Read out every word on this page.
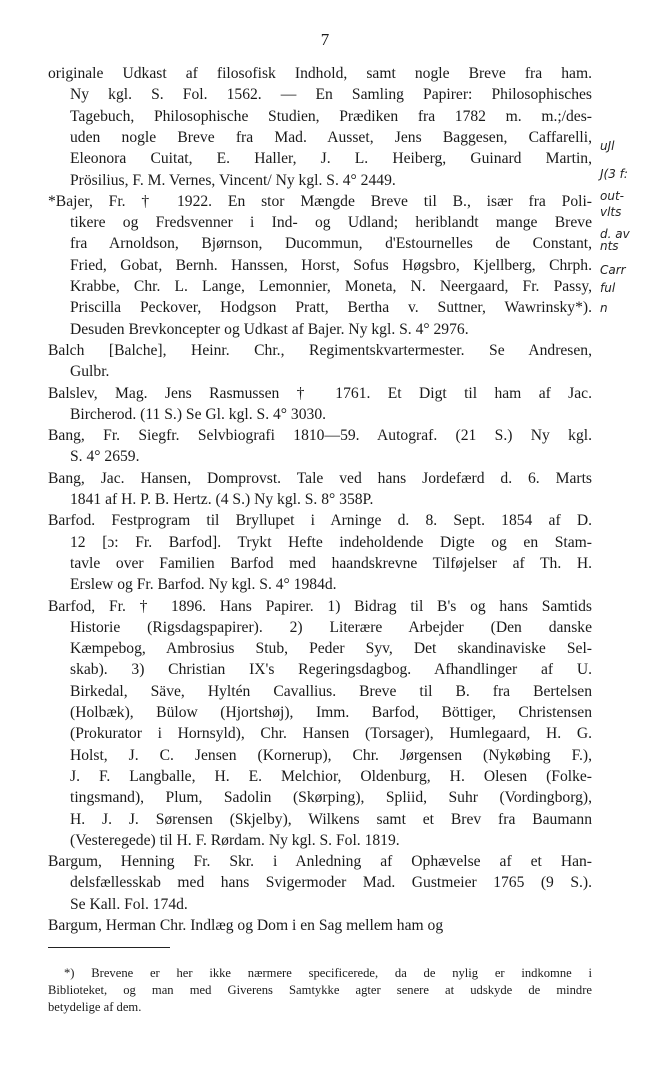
7
originale Udkast af filosofisk Indhold, samt nogle Breve fra ham.
Ny kgl. S. Fol. 1562. — En Samling Papirer: Philosophisches
Tagebuch, Philosophische Studien, Prædiken fra 1782 m. m.;/des-
uden nogle Breve fra Mad. Ausset, Jens Baggesen, Caffarelli,
Eleonora Cuitat, E. Haller, J. L. Heiberg, Guinard Martin,
Prösilius, F. M. Vernes, Vincent/ Ny kgl. S. 4° 2449.
*Bajer, Fr. † 1922. En stor Mængde Breve til B., især fra Poli-
tikere og Fredsvenner i Ind- og Udland; heriblandt mange Breve
fra Arnoldson, Bjørnson, Ducommun, d'Estournelles de Constant,
Fried, Gobat, Bernh. Hanssen, Horst, Sofus Høgsbro, Kjellberg, Chrph.
Krabbe, Chr. L. Lange, Lemonnier, Moneta, N. Neergaard, Fr. Passy,
Priscilla Peckover, Hodgson Pratt, Bertha v. Suttner, Wawrinsky*).
Desuden Brevkoncepter og Udkast af Bajer. Ny kgl. S. 4° 2976.
Balch [Balche], Heinr. Chr., Regimentskvartermester. Se Andresen,
Gulbr.
Balslev, Mag. Jens Rasmussen † 1761. Et Digt til ham af Jac.
Bircherod. (11 S.) Se Gl. kgl. S. 4° 3030.
Bang, Fr. Siegfr. Selvbiografi 1810—59. Autograf. (21 S.) Ny kgl.
S. 4° 2659.
Bang, Jac. Hansen, Domprovst. Tale ved hans Jordefærd d. 6. Marts
1841 af H. P. B. Hertz. (4 S.) Ny kgl. S. 8° 358P.
Barfod. Festprogram til Bryllupet i Arninge d. 8. Sept. 1854 af D.
12 [ɔ: Fr. Barfod]. Trykt Hefte indeholdende Digte og en Stam-
tavle over Familien Barfod med haandskrevne Tilføjelser af Th. H.
Erslew og Fr. Barfod. Ny kgl. S. 4° 1984d.
Barfod, Fr. † 1896. Hans Papirer. 1) Bidrag til B's og hans Samtids
Historie (Rigsdagspapirer). 2) Literære Arbejder (Den danske
Kæmpebog, Ambrosius Stub, Peder Syv, Det skandinaviske Sel-
skab). 3) Christian IX's Regeringsdagbog. Afhandlinger af U.
Birkedal, Säve, Hyltén Cavallius. Breve til B. fra Bertelsen
(Holbæk), Bülow (Hjortshøj), Imm. Barfod, Böttiger, Christensen
(Prokurator i Hornsyld), Chr. Hansen (Torsager), Humlegaard, H. G.
Holst, J. C. Jensen (Kornerup), Chr. Jørgensen (Nykøbing F.),
J. F. Langballe, H. E. Melchior, Oldenburg, H. Olesen (Folke-
tingsmand), Plum, Sadolin (Skørping), Spliid, Suhr (Vordingborg),
H. J. J. Sørensen (Skjelby), Wilkens samt et Brev fra Baumann
(Vesteregede) til H. F. Rørdam. Ny kgl. S. Fol. 1819.
Bargum, Henning Fr. Skr. i Anledning af Ophævelse af et Han-
delsfællesskab med hans Svigermoder Mad. Gustmeier 1765 (9 S.).
Se Kall. Fol. 174d.
Bargum, Herman Chr. Indlæg og Dom i en Sag mellem ham og
uJl
J(3 f:
out-
vlts
d. av
nts
Carr
ful
n
*) Brevene er her ikke nærmere specificerede, da de nylig er indkomne i
Biblioteket, og man med Giverens Samtykke agter senere at udskyde de mindre
betydelige af dem.
